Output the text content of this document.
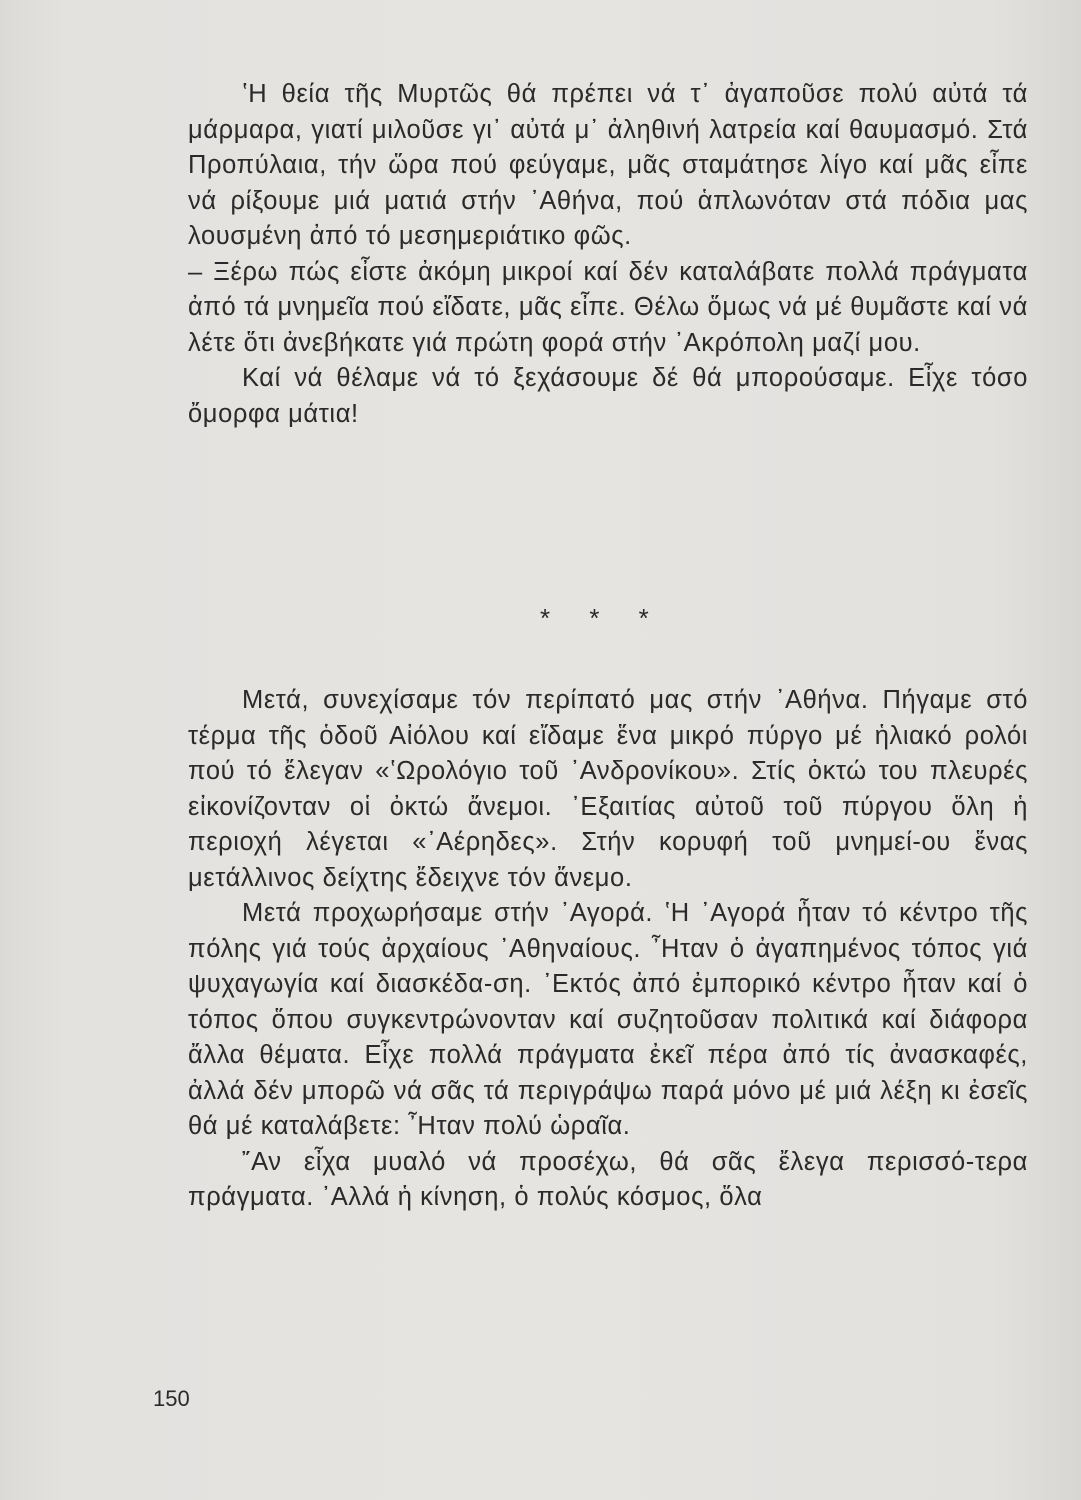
ʽΗ θεία τῆς Μυρτῶς θά πρέπει νά τ᾽ ἀγαποῦσε πολύ αὐτά τά μάρμαρα, γιατί μιλοῦσε γι᾽ αὐτά μ᾽ ἀληθινή λατρεία καί θαυμασμό. Στά Προπύλαια, τήν ὥρα πού φεύγαμε, μᾶς σταμάτησε λίγο καί μᾶς εἶπε νά ρίξουμε μιά ματιά στήν ᾽Αθήνα, πού ἁπλωνόταν στά πόδια μας λουσμένη ἀπό τό μεσημεριάτικο φῶς.

– Ξέρω πώς εἶστε ἀκόμη μικροί καί δέν καταλάβατε πολλά πράγματα ἀπό τά μνημεῖα πού εἴδατε, μᾶς εἶπε. Θέλω ὅμως νά μέ θυμᾶστε καί νά λέτε ὅτι ἀνεβήκατε γιά πρώτη φορά στήν ᾽Ακρόπολη μαζί μου.

Καί νά θέλαμε νά τό ξεχάσουμε δέ θά μπορούσαμε. Εἶχε τόσο ὄμορφα μάτια!

* * *

Μετά, συνεχίσαμε τόν περίπατό μας στήν ᾽Αθήνα. Πήγαμε στό τέρμα τῆς ὁδοῦ Αἰόλου καί εἴδαμε ἕνα μικρό πύργο μέ ἡλιακό ρολόι πού τό ἔλεγαν «ʽΩρολόγιο τοῦ ᾽Ανδρονίκου». Στίς ὀκτώ του πλευρές εἰκονίζονταν οἱ ὀκτώ ἄνεμοι. ᾽Εξαιτίας αὐτοῦ τοῦ πύργου ὅλη ἡ περιοχή λέγεται «᾽Αέρηδες». Στήν κορυφή τοῦ μνημεί-ου ἕνας μετάλλινος δείχτης ἔδειχνε τόν ἄνεμο.

Μετά προχωρήσαμε στήν ᾽Αγορά. ʽΗ ᾽Αγορά ἦταν τό κέντρο τῆς πόλης γιά τούς ἀρχαίους ᾽Αθηναίους. ῏Ηταν ὁ ἀγαπημένος τόπος γιά ψυχαγωγία καί διασκέδα-ση. ᾽Εκτός ἀπό ἐμπορικό κέντρο ἦταν καί ὁ τόπος ὅπου συγκεντρώνονταν καί συζητοῦσαν πολιτικά καί διάφορα ἄλλα θέματα. Εἶχε πολλά πράγματα ἐκεῖ πέρα ἀπό τίς ἀνασκαφές, ἀλλά δέν μπορῶ νά σᾶς τά περιγράψω παρά μόνο μέ μιά λέξη κι ἐσεῖς θά μέ καταλάβετε: ῏Ηταν πολύ ὡραῖα.

῎Αν εἶχα μυαλό νά προσέχω, θά σᾶς ἔλεγα περισσό-τερα πράγματα. ᾽Αλλά ἡ κίνηση, ὁ πολύς κόσμος, ὅλα

150
